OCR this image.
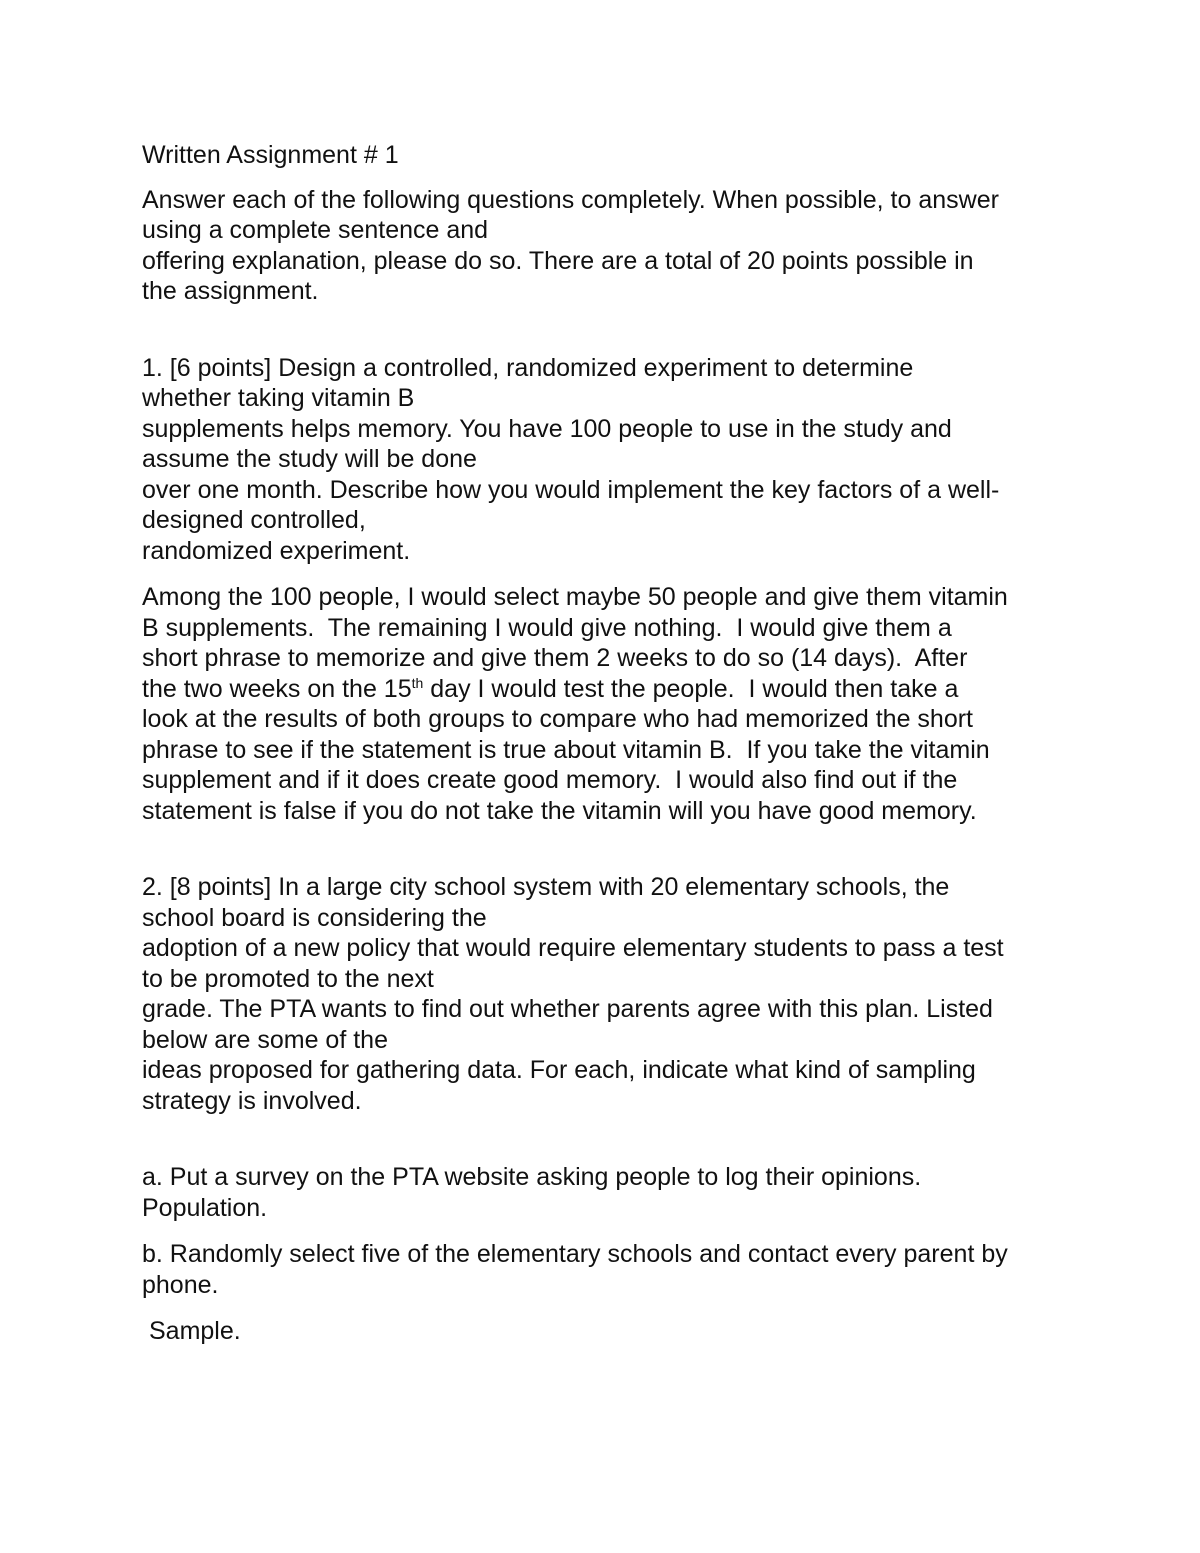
Written Assignment # 1
Answer each of the following questions completely. When possible, to answer
using a complete sentence and
offering explanation, please do so. There are a total of 20 points possible in
the assignment.
1. [6 points] Design a controlled, randomized experiment to determine
whether taking vitamin B
supplements helps memory. You have 100 people to use in the study and
assume the study will be done
over one month. Describe how you would implement the key factors of a well-
designed controlled,
randomized experiment.
Among the 100 people, I would select maybe 50 people and give them vitamin
B supplements.  The remaining I would give nothing.  I would give them a
short phrase to memorize and give them 2 weeks to do so (14 days).  After
the two weeks on the 15th day I would test the people.  I would then take a
look at the results of both groups to compare who had memorized the short
phrase to see if the statement is true about vitamin B.  If you take the vitamin
supplement and if it does create good memory.  I would also find out if the
statement is false if you do not take the vitamin will you have good memory.
2. [8 points] In a large city school system with 20 elementary schools, the
school board is considering the
adoption of a new policy that would require elementary students to pass a test
to be promoted to the next
grade. The PTA wants to find out whether parents agree with this plan. Listed
below are some of the
ideas proposed for gathering data. For each, indicate what kind of sampling
strategy is involved.
a. Put a survey on the PTA website asking people to log their opinions.
Population.
b. Randomly select five of the elementary schools and contact every parent by
phone.
Sample.
